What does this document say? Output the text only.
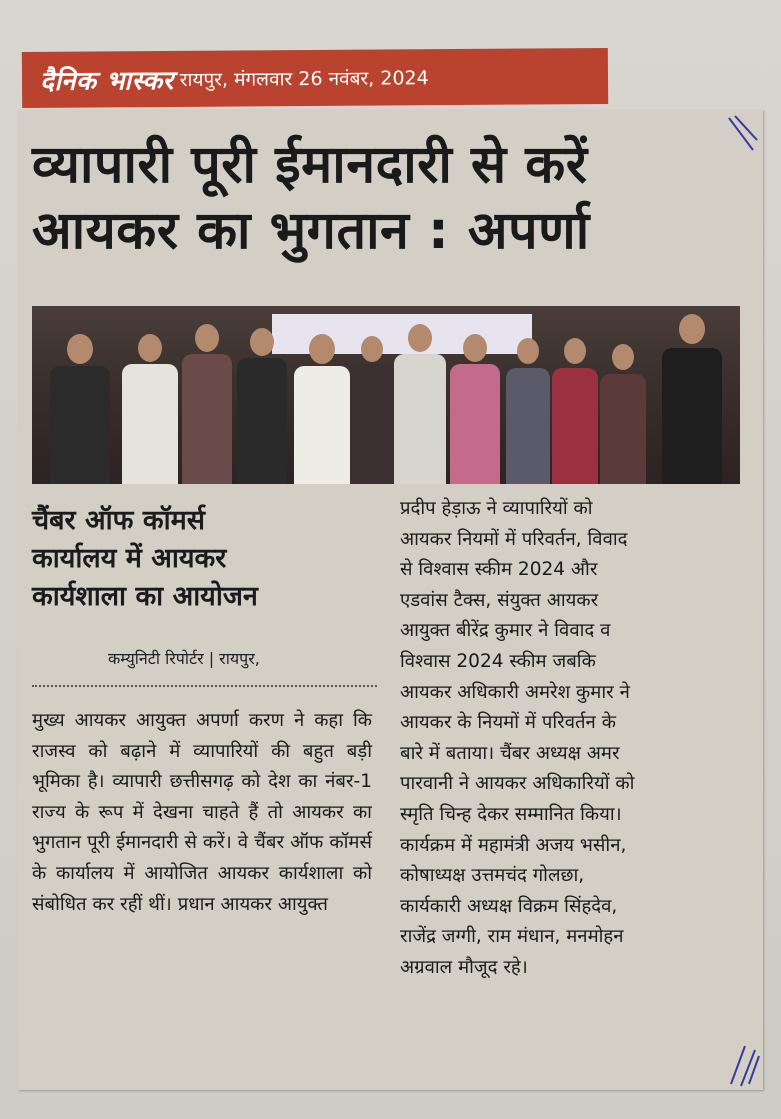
दैनिक भास्कर रायपुर, मंगलवार 26 नवंबर, 2024
व्यापारी पूरी ईमानदारी से करें
आयकर का भुगतान : अपर्णा
चैंबर ऑफ कॉमर्स
कार्यालय में आयकर
कार्यशाला का आयोजन
कम्युनिटी रिपोर्टर | रायपुर,
मुख्य आयकर आयुक्त अपर्णा करण ने कहा कि राजस्व को बढ़ाने में व्यापारियों की बहुत बड़ी भूमिका है। व्यापारी छत्तीसगढ़ को देश का नंबर-1 राज्य के रूप में देखना चाहते हैं तो आयकर का भुगतान पूरी ईमानदारी से करें। वे चैंबर ऑफ कॉमर्स के कार्यालय में आयोजित आयकर कार्यशाला को संबोधित कर रहीं थीं। प्रधान आयकर आयुक्त
प्रदीप हेड़ाऊ ने व्यापारियों को
आयकर नियमों में परिवर्तन, विवाद
से विश्वास स्कीम 2024 और
एडवांस टैक्स, संयुक्त आयकर
आयुक्त बीरेंद्र कुमार ने विवाद व
विश्वास 2024 स्कीम जबकि
आयकर अधिकारी अमरेश कुमार ने
आयकर के नियमों में परिवर्तन के
बारे में बताया। चैंबर अध्यक्ष अमर
पारवानी ने आयकर अधिकारियों को
स्मृति चिन्ह देकर सम्मानित किया।
कार्यक्रम में महामंत्री अजय भसीन,
कोषाध्यक्ष उत्तमचंद गोलछा,
कार्यकारी अध्यक्ष विक्रम सिंहदेव,
राजेंद्र जग्गी, राम मंधान, मनमोहन
अग्रवाल मौजूद रहे।
